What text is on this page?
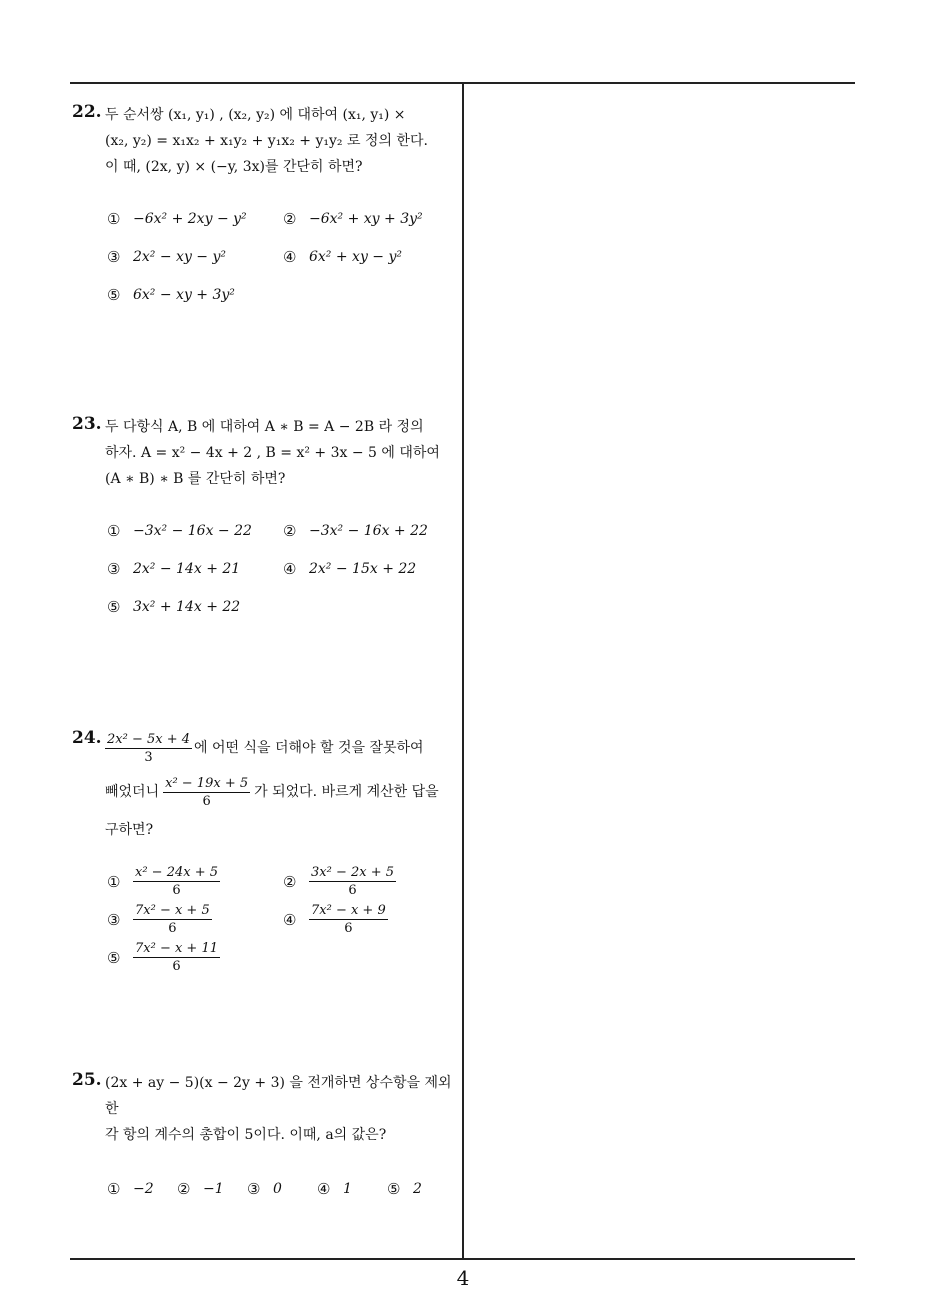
22. 두 순서쌍 (x₁, y₁) , (x₂, y₂) 에 대하여 (x₁, y₁) ×
(x₂, y₂) = x₁x₂ + x₁y₂ + y₁x₂ + y₁y₂ 로 정의 한다.
이 때, (2x, y) × (−y, 3x)를 간단히 하면?
① −6x² + 2xy − y² ② −6x² + xy + 3y²
③ 2x² − xy − y²	④ 6x² + xy − y²
⑤ 6x² − xy + 3y²
23. 두 다항식 A, B 에 대하여 A ∗ B = A − 2B 라 정의
하자. A = x² − 4x + 2 , B = x² + 3x − 5 에 대하여
(A ∗ B) ∗ B 를 간단히 하면?
① −3x² − 16x − 22 ② −3x² − 16x + 22
③ 2x² − 14x + 21	④ 2x² − 15x + 22
⑤ 3x² + 14x + 22
24. $\frac{\text{2x² − 5x + 4}}{3}$ 에 어떤 식을 더해야 할 것을 잘못하여
빼었더니 $\frac{\text{x² − 19x + 5}}{6}$ 가 되었다. 바르게 계산한 답을
구하면?
① $\frac{\text{x² − 24x + 5}}{6}$	② $\frac{\text{3x² − 2x + 5}}{6}$
③ $\frac{\text{7x² − x + 5}}{6}$	④ $\frac{\text{7x² − x + 9}}{6}$
⑤ $\frac{\text{7x² − x + 11}}{6}$
25. (2x + ay − 5)(x − 2y + 3) 을 전개하면 상수항을 제외한
각 항의 계수의 총합이 5이다. 이때, a의 값은?
① −2 ② −1 ③ 0 ④ 1 ⑤ 2
4
